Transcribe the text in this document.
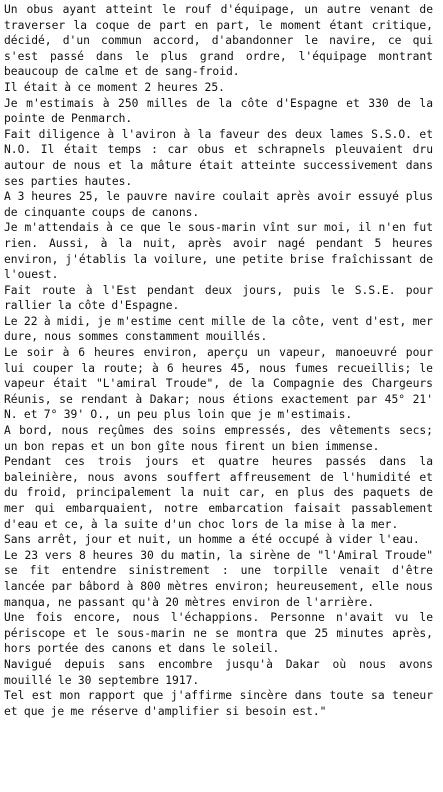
Un obus ayant atteint le rouf d'équipage, un autre venant de traverser la coque de part en part, le moment étant critique, décidé, d'un commun accord, d'abandonner le navire, ce qui s'est passé dans le plus grand ordre, l'équipage montrant beaucoup de calme et de sang-froid.

Il était à ce moment 2 heures 25.

Je m'estimais à 250 milles de la côte d'Espagne et 330 de la pointe de Penmarch.

Fait diligence à l'aviron à la faveur des deux lames S.S.O. et N.O. Il était temps : car obus et schrapnels pleuvaient dru autour de nous et la mâture était atteinte successivement dans ses parties hautes.

A 3 heures 25, le pauvre navire coulait après avoir essuyé plus de cinquante coups de canons.

Je m'attendais à ce que le sous-marin vînt sur moi, il n'en fut rien. Aussi, à la nuit, après avoir nagé pendant 5 heures environ, j'établis la voilure, une petite brise fraîchissant de l'ouest.

Fait route à l'Est pendant deux jours, puis le S.S.E. pour rallier la côte d'Espagne.

Le 22 à midi, je m'estime cent mille de la côte, vent d'est, mer dure, nous sommes constamment mouillés.

Le soir à 6 heures environ, aperçu un vapeur, manoeuvré pour lui couper la route; à 6 heures 45, nous fumes recueillis; le vapeur était "L'amiral Troude", de la Compagnie des Chargeurs Réunis, se rendant à Dakar; nous étions exactement par 45° 21' N. et 7° 39' O., un peu plus loin que je m'estimais.

A bord, nous reçûmes des soins empressés, des vêtements secs; un bon repas et un bon gîte nous firent un bien immense.

Pendant ces trois jours et quatre heures passés dans la baleinière, nous avons souffert affreusement de l'humidité et du froid, principalement la nuit car, en plus des paquets de mer qui embarquaient, notre embarcation faisait passablement d'eau et ce, à la suite d'un choc lors de la mise à la mer.

Sans arrêt, jour et nuit, un homme a été occupé à vider l'eau.

Le 23 vers 8 heures 30 du matin, la sirène de "l'Amiral Troude" se fit entendre sinistrement : une torpille venait d'être lancée par bâbord à 800 mètres environ; heureusement, elle nous manqua, ne passant qu'à 20 mètres environ de l'arrière.

Une fois encore, nous l'échappions. Personne n'avait vu le périscope et le sous-marin ne se montra que 25 minutes après, hors portée des canons et dans le soleil.

Navigué depuis sans encombre jusqu'à Dakar où nous avons mouillé le 30 septembre 1917.

Tel est mon rapport que j'affirme sincère dans toute sa teneur et que je me réserve d'amplifier si besoin est."
